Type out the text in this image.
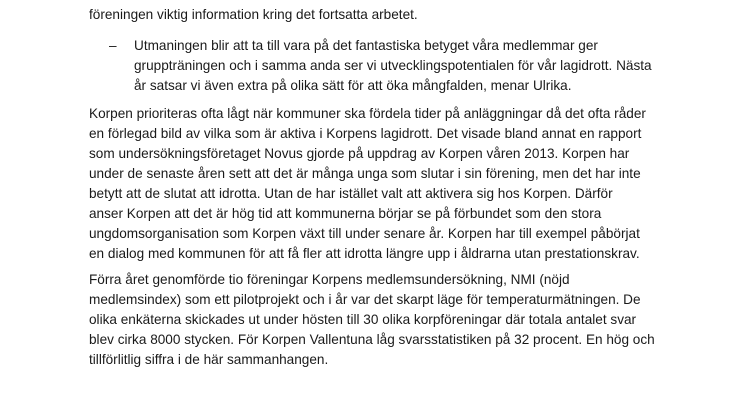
föreningen viktig information kring det fortsatta arbetet.

– Utmaningen blir att ta till vara på det fantastiska betyget våra medlemmar ger
gruppträningen och i samma anda ser vi utvecklingspotentialen för vår lagidrott. Nästa
år satsar vi även extra på olika sätt för att öka mångfalden, menar Ulrika.

Korpen prioriteras ofta lågt när kommuner ska fördela tider på anläggningar då det ofta råder
en förlegad bild av vilka som är aktiva i Korpens lagidrott. Det visade bland annat en rapport
som undersökningsföretaget Novus gjorde på uppdrag av Korpen våren 2013. Korpen har
under de senaste åren sett att det är många unga som slutar i sin förening, men det har inte
betytt att de slutat att idrotta. Utan de har istället valt att aktivera sig hos Korpen. Därför
anser Korpen att det är hög tid att kommunerna börjar se på förbundet som den stora
ungdomsorganisation som Korpen växt till under senare år. Korpen har till exempel påbörjat
en dialog med kommunen för att få fler att idrotta längre upp i åldrarna utan prestationskrav.

Förra året genomförde tio föreningar Korpens medlemsundersökning, NMI (nöjd
medlemsindex) som ett pilotprojekt och i år var det skarpt läge för temperaturmätningen. De
olika enkäterna skickades ut under hösten till 30 olika korpföreningar där totala antalet svar
blev cirka 8000 stycken. För Korpen Vallentuna låg svarsstatistiken på 32 procent. En hög och
tillförlitlig siffra i de här sammanhangen.
